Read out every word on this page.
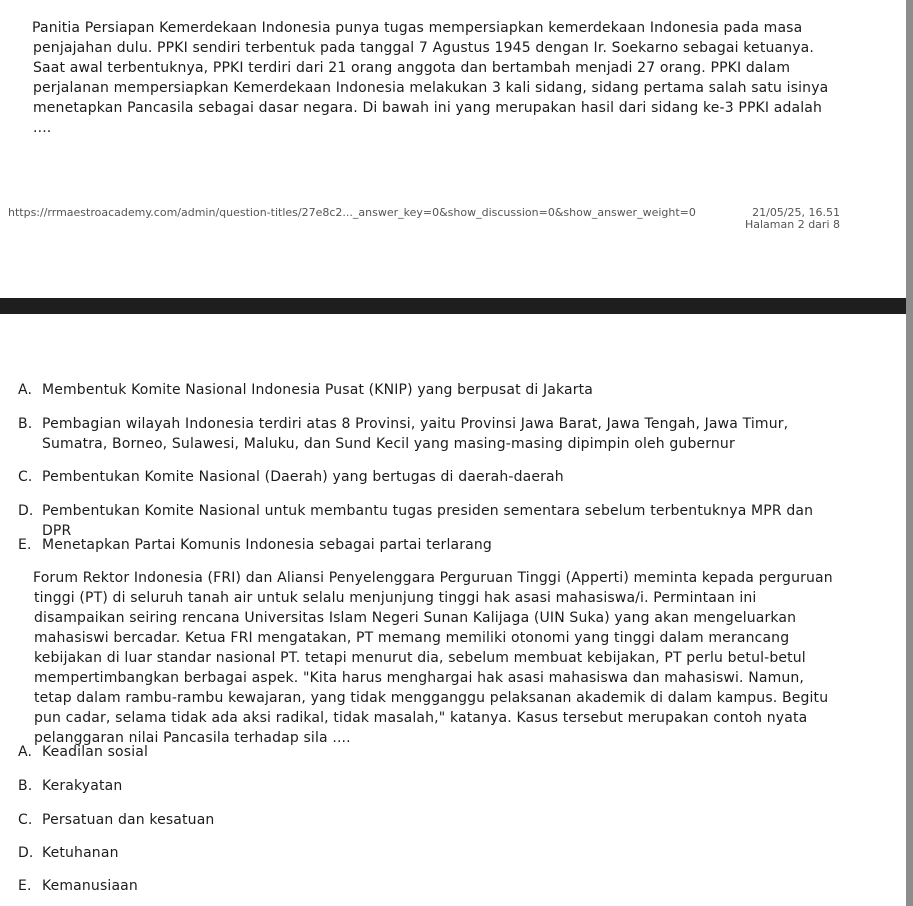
Panitia Persiapan Kemerdekaan Indonesia punya tugas mempersiapkan kemerdekaan Indonesia pada masa penjajahan dulu. PPKI sendiri terbentuk pada tanggal 7 Agustus 1945 dengan Ir. Soekarno sebagai ketuanya. Saat awal terbentuknya, PPKI terdiri dari 21 orang anggota dan bertambah menjadi 27 orang. PPKI dalam perjalanan mempersiapkan Kemerdekaan Indonesia melakukan 3 kali sidang, sidang pertama salah satu isinya menetapkan Pancasila sebagai dasar negara. Di bawah ini yang merupakan hasil dari sidang ke-3 PPKI adalah ....
https://rrmaestroacademy.com/admin/question-titles/27e8c2..._answer_key=0&show_discussion=0&show_answer_weight=0	21/05/25, 16.51
Halaman 2 dari 8
A. Membentuk Komite Nasional Indonesia Pusat (KNIP) yang berpusat di Jakarta
B. Pembagian wilayah Indonesia terdiri atas 8 Provinsi, yaitu Provinsi Jawa Barat, Jawa Tengah, Jawa Timur, Sumatra, Borneo, Sulawesi, Maluku, dan Sund Kecil yang masing-masing dipimpin oleh gubernur
C. Pembentukan Komite Nasional (Daerah) yang bertugas di daerah-daerah
D. Pembentukan Komite Nasional untuk membantu tugas presiden sementara sebelum terbentuknya MPR dan DPR
E. Menetapkan Partai Komunis Indonesia sebagai partai terlarang
Forum Rektor Indonesia (FRI) dan Aliansi Penyelenggara Perguruan Tinggi (Apperti) meminta kepada perguruan tinggi (PT) di seluruh tanah air untuk selalu menjunjung tinggi hak asasi mahasiswa/i. Permintaan ini disampaikan seiring rencana Universitas Islam Negeri Sunan Kalijaga (UIN Suka) yang akan mengeluarkan mahasiswi bercadar. Ketua FRI mengatakan, PT memang memiliki otonomi yang tinggi dalam merancang kebijakan di luar standar nasional PT. tetapi menurut dia, sebelum membuat kebijakan, PT perlu betul-betul mempertimbangkan berbagai aspek. "Kita harus menghargai hak asasi mahasiswa dan mahasiswi. Namun, tetap dalam rambu-rambu kewajaran, yang tidak mengganggu pelaksanan akademik di dalam kampus. Begitu pun cadar, selama tidak ada aksi radikal, tidak masalah," katanya. Kasus tersebut merupakan contoh nyata pelanggaran nilai Pancasila terhadap sila ....
A. Keadilan sosial
B. Kerakyatan
C. Persatuan dan kesatuan
D. Ketuhanan
E. Kemanusiaan
